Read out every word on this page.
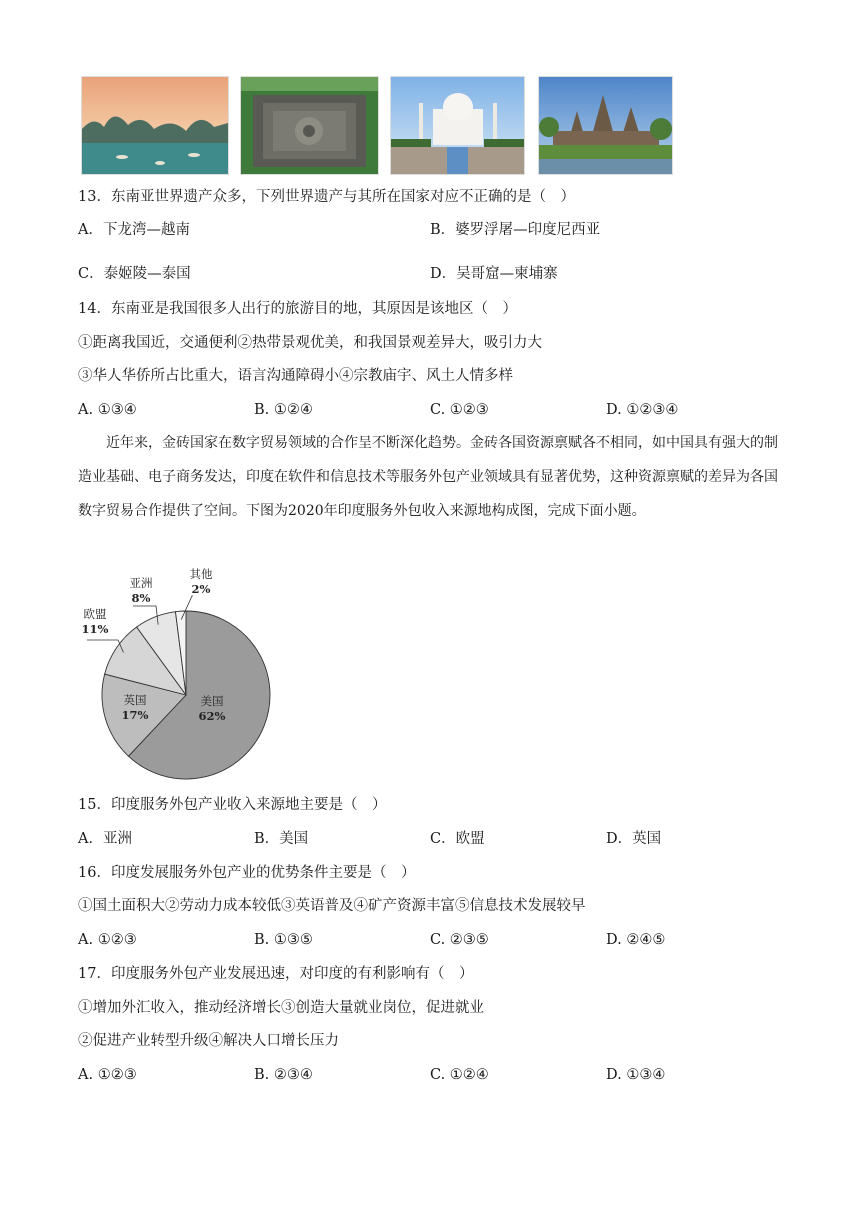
13．东南亚世界遗产众多，下列世界遗产与其所在国家对应不正确的是（　）
A．下龙湾—越南	B．婆罗浮屠—印度尼西亚
C．泰姬陵—泰国	D．吴哥窟—柬埔寨
14．东南亚是我国很多人出行的旅游目的地，其原因是该地区（　）
①距离我国近，交通便利②热带景观优美，和我国景观差异大，吸引力大
③华人华侨所占比重大，语言沟通障碍小④宗教庙宇、风土人情多样
A. ①③④	B. ①②④	C. ①②③	D. ①②③④
近年来，金砖国家在数字贸易领域的合作呈不断深化趋势。金砖各国资源禀赋各不相同，如中国具有强大的制造业基础、电子商务发达，印度在软件和信息技术等服务外包产业领域具有显著优势，这种资源禀赋的差异为各国数字贸易合作提供了空间。下图为2020年印度服务外包收入来源地构成图，完成下面小题。
美国
62%
英国
17%
欧盟
11%
亚洲
8%
其他
2%
15．印度服务外包产业收入来源地主要是（　）
A．亚洲	B．美国	C．欧盟	D．英国
16．印度发展服务外包产业的优势条件主要是（　）
①国土面积大②劳动力成本较低③英语普及④矿产资源丰富⑤信息技术发展较早
A. ①②③	B. ①③⑤	C. ②③⑤	D. ②④⑤
17．印度服务外包产业发展迅速，对印度的有利影响有（　）
①增加外汇收入，推动经济增长③创造大量就业岗位，促进就业
②促进产业转型升级④解决人口增长压力
A. ①②③	B. ②③④	C. ①②④	D. ①③④
